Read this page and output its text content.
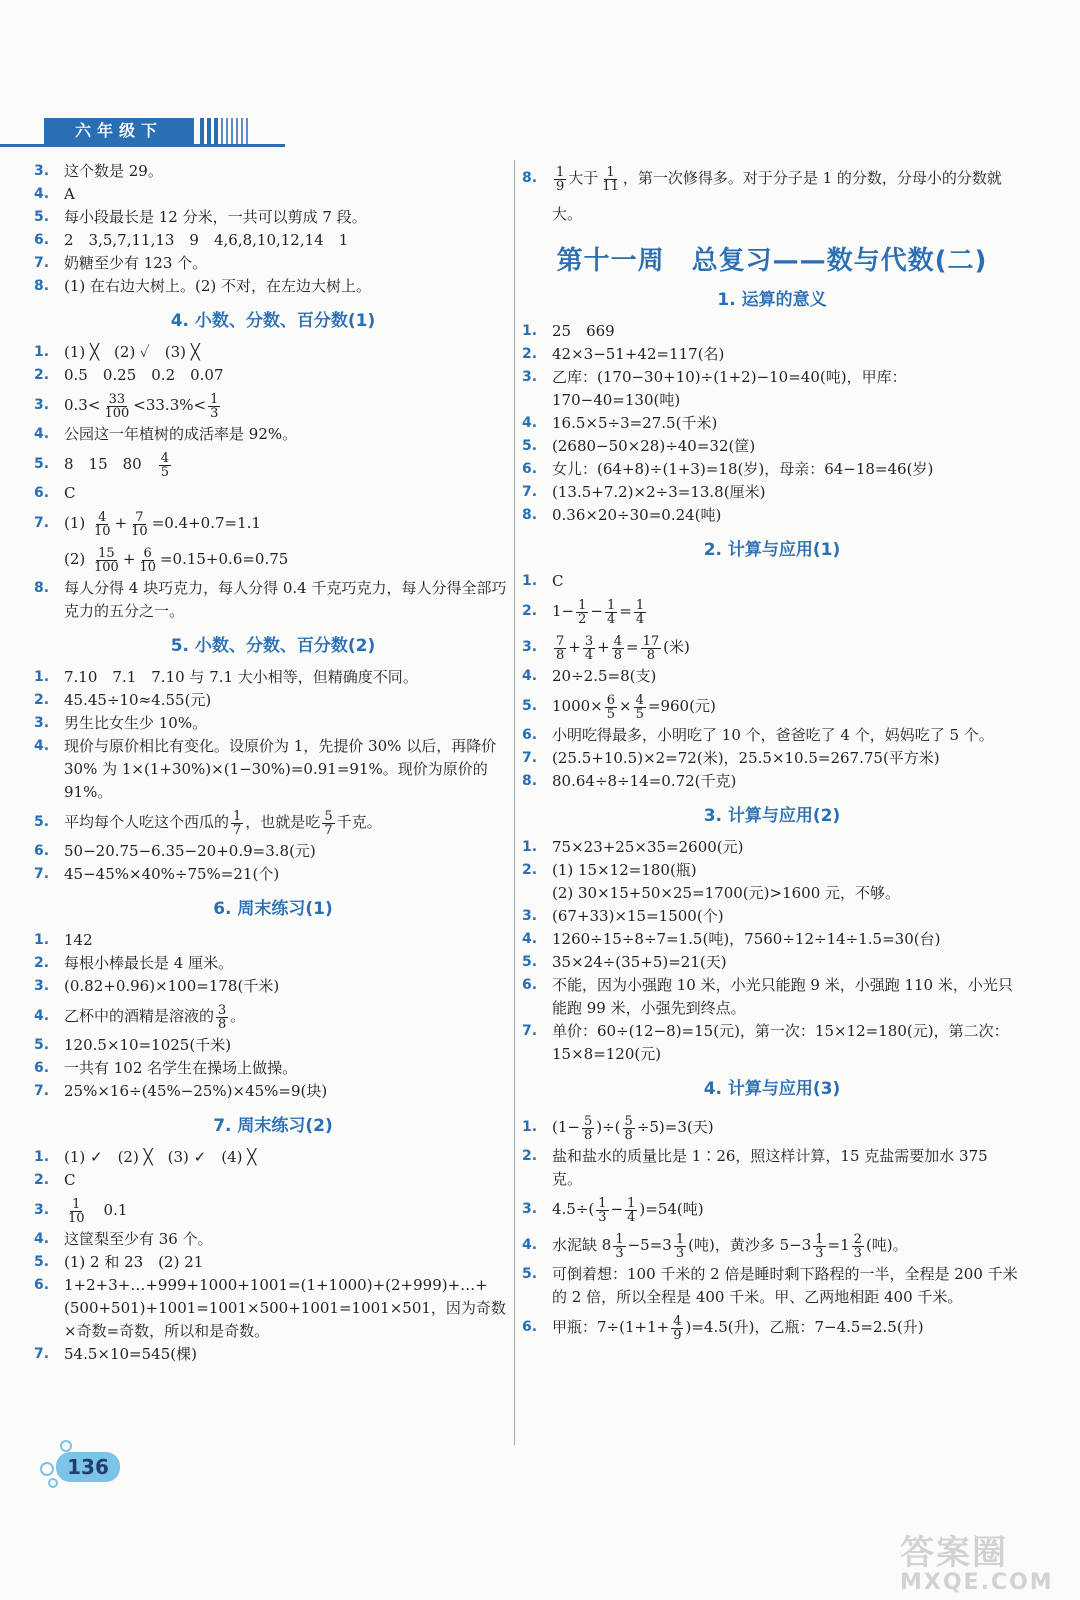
六年级下

3 .	这个数是 29。

4 .	A

5 .	每小段最长是 12 分米，一共可以剪成 7 段。

6 .	2　3,5,7,11,13　9　4,6,8,10,12,14　1

7 .	奶糖至少有 123 个。

8 .	(1) 在右边大树上。(2) 不对，在左边大树上。

4. 小数、分数、百分数(1)

1 .	(1) ╳　(2) ✓　(3) ╳

2 .	0.5　0.25　0.2　0.07

3 .	$0.3< \frac{33}{100} <33.3\%< \frac{1}{3}$

4 .	公园这一年植树的成活率是 92%。

5 .	8　15　80　 $\frac{4}{5}$

6 .	C

7 .	$(1) \frac{4}{10} + \frac{7}{10} =0.4+0.7=1.1$

$(2) \frac{15}{100} + \frac{6}{10} =0.15+0.6=0.75$

8 .	每人分得 4 块巧克力，每人分得 0.4 千克巧克力，每人分得全部巧克力的五分之一。

5. 小数、分数、百分数(2)

1 .	7.10　7.1　7.10 与 7.1 大小相等，但精确度不同。

2 .	45.45÷10≈4.55(元)

3 .	男生比女生少 10%。

4 .	现价与原价相比有变化。设原价为 1，先提价 30% 以后，再降价 30% 为 1×(1+30%)×(1−30%)=0.91=91%。现价为原价的 91%。

5 .	平均每个人吃这个西瓜的 $\frac{1}{7}$ ，也就是吃 $\frac{5}{7}$ 千克。

6 .	50−20.75−6.35−20+0.9=3.8(元)

7 .	45−45%×40%÷75%=21(个)

6. 周末练习(1)

1 .	142

2 .	每根小棒最长是 4 厘米。

3 .	(0.82+0.96)×100=178(千米)

4 .	乙杯中的酒精是溶液的 $\frac{3}{8}$ 。

5 .	120.5×10=1025(千米)

6 .	一共有 102 名学生在操场上做操。

7 .	25%×16÷(45%−25%)×45%=9(块)

7. 周末练习(2)

1 .	(1) ✓　(2) ╳　(3) ✓　(4) ╳

2 .	C

3 .	$\frac{1}{10}$ 　0.1

4 .	这筐梨至少有 36 个。

5 .	(1) 2 和 23　(2) 21

6 .	1+2+3+…+999+1000+1001=(1+1000)+(2+999)+…+(500+501)+1001=1001×500+1001=1001×501，因为奇数×奇数=奇数，所以和是奇数。

7 .	54.5×10=545(棵)

8 .	$\frac{1}{9}$ 大于 $\frac{1}{11}$ ，第一次修得多。对于分子是 1 的分数，分母小的分数就大。

第十一周　总复习——数与代数(二)
1. 运算的意义

1 .	25　669

2 .	42×3−51+42=117(名)

3 .	乙库：(170−30+10)÷(1+2)−10=40(吨)，甲库：170−40=130(吨)

4 .	16.5×5÷3=27.5(千米)

5 .	(2680−50×28)÷40=32(筐)

6 .	女儿：(64+8)÷(1+3)=18(岁)，母亲：64−18=46(岁)

7 .	(13.5+7.2)×2÷3=13.8(厘米)

8 .	0.36×20÷30=0.24(吨)

2. 计算与应用(1)

1 .	C

2 .	$1- \frac{1}{2} - \frac{1}{4} = \frac{1}{4}$

3 .	$\frac{7}{8} + \frac{3}{4} + \frac{4}{8} = \frac{17}{8}$ (米)

4 .	20÷2.5=8(支)

5 .	$1000\times \frac{6}{5} \times \frac{4}{5} =960$(元)

6 .	小明吃得最多，小明吃了 10 个，爸爸吃了 4 个，妈妈吃了 5 个。

7 .	(25.5+10.5)×2=72(米)，25.5×10.5=267.75(平方米)

8 .	80.64÷8÷14=0.72(千克)

3. 计算与应用(2)

1 .	75×23+25×35=2600(元)

2 .	(1) 15×12=180(瓶)

(2) 30×15+50×25=1700(元)>1600 元，不够。

3 .	(67+33)×15=1500(个)

4 .	1260÷15÷8÷7=1.5(吨)，7560÷12÷14÷1.5=30(台)

5 .	35×24÷(35+5)=21(天)

6 .	不能，因为小强跑 10 米，小光只能跑 9 米，小强跑 110 米，小光只能跑 99 米，小强先到终点。

7 .	单价：60÷(12−8)=15(元)，第一次：15×12=180(元)，第二次：15×8=120(元)

4. 计算与应用(3)

1 .	($1- \frac{5}{8}$ )÷( $\frac{5}{8} \div 5)=3$(天)

2 .	盐和盐水的质量比是 1∶26，照这样计算，15 克盐需要加水 375 克。

3 .	$4.5\div( \frac{1}{3} - \frac{1}{4} )=54$(吨)

4 .	水泥缺 $8 \frac{1}{3} -5=3 \frac{1}{3}$ (吨)，黄沙多 $5-3 \frac{1}{3} =1 \frac{2}{3}$ (吨)。

5 .	可倒着想：100 千米的 2 倍是睡时剩下路程的一半，全程是 200 千米的 2 倍，所以全程是 400 千米。甲、乙两地相距 400 千米。

6 .	甲瓶：$7\div(1+1+ \frac{4}{9} )=4.5$(升)，乙瓶：7−4.5=2.5(升)

136
答案圈
MXQE.COM
